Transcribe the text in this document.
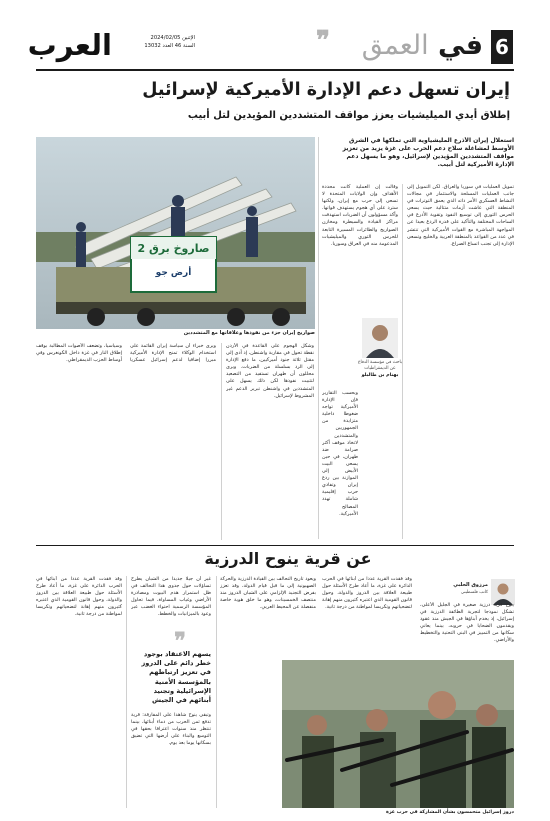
6
في العمق
❞
الإثنين 2024/02/05
السنة 46 العدد 13032
العرب
إيران تسهل دعم الإدارة الأميركية لإسرائيل
إطلاق أيدي الميليشيات يعزز مواقف المتشددين المؤيدين لتل أبيب
استغلال إيران الأذرع المليشياوية التي تملكها في الشرق الأوسط لمشاغلة سلاح دعم الحرب على غزة يزيد من تعزيز مواقف المتشددين المؤيدين لإسرائيل، وهو ما يسهل دعم الإدارة الأميركية لتل أبيب.
صاروخ برق 2
أرض جو
صواريخ إيران جزء من نفوذها وعلاقاتها مع المتشددين
تمويل العمليات في سوريا والعراق. لكن التمويل إلى جانب العمليات المسلحة والاستثمار في مجالات النشاط العسكري الأمر ذاته الذي يعمق التوترات في المنطقة التي عاشت أزمات متتالية حيث يسعى الحرس الثوري إلى توسيع النفوذ وتقوية الأذرع في الساحات المختلفة والتأكيد على قدرة الردع بعيدا عن المواجهة المباشرة مع القوات الأميركية التي تنتشر في عدد من القواعد بالمنطقة العربية والخليج وتسعى الإدارة إلى تجنب اتساع الصراع.
وقالت إن العملية كانت محددة الأهداف وإن الولايات المتحدة لا تسعى إلى حرب مع إيران، ولكنها سترد على أي هجوم يستهدف قواتها. وأكد مسؤولون أن الضربات استهدفت مراكز القيادة والسيطرة ومخازن الصواريخ والطائرات المسيرة التابعة للحرس الثوري والميليشيات المدعومة منه في العراق وسوريا.
باحث في مؤسسة الدفاع عن الديمقراطيات
بهنام بن طالبلو
وبحسب التقارير فإن الإدارة الأميركية تواجه ضغوطا داخلية متزايدة من الجمهوريين والمتشددين لاتخاذ موقف أكثر صرامة ضد طهران، في حين يسعى البيت الأبيض إلى الموازنة بين ردع إيران وتفادي حرب إقليمية شاملة تهدد المصالح الأميركية.
وشكل الهجوم على القاعدة في الأردن نقطة تحول في مقاربة واشنطن، إذ أدى إلى مقتل ثلاثة جنود أميركيين، ما دفع الإدارة إلى الرد بسلسلة من الضربات. ويرى محللون أن طهران تستفيد من التصعيد لتثبيت نفوذها لكن ذلك يسهل على المتشددين في واشنطن تبرير الدعم غير المشروط لإسرائيل.
ويرى خبراء أن سياسة إيران القائمة على استخدام الوكلاء تمنح الإدارة الأميركية مبررا إضافيا لدعم إسرائيل عسكريا وسياسيا، وتضعف الأصوات المطالبة بوقف إطلاق النار في غزة داخل الكونغرس وفي أوساط الحزب الديمقراطي.
عن قرية ينوح الدرزية
مرزوق الحلبي
كاتب فلسطيني
ينوح قرية درزية صغيرة في الجليل الأعلى، تشكل نموذجا لتجربة الطائفة الدرزية في إسرائيل، إذ يخدم أبناؤها في الجيش منذ عقود ويقدمون الضحايا في حروبه، بينما يعاني سكانها من التمييز في البنى التحتية والتخطيط والأراضي.
وقد فقدت القرية عددا من أبنائها في الحرب الدائرة على غزة، ما أعاد طرح الأسئلة حول طبيعة العلاقة بين الدروز والدولة، وحول قانون القومية الذي اعتبره كثيرون منهم إهانة لتضحياتهم وتكريسا لمواطنة من درجة ثانية.
ويعود تاريخ التحالف بين القيادة الدرزية والحركة الصهيونية إلى ما قبل قيام الدولة، وقد تعزز بفرض التجنيد الإلزامي على الشبان الدروز منذ منتصف الخمسينات، وهو ما خلق هوية خاصة منفصلة عن المحيط العربي.
غير أن جيلا جديدا من الشبان يطرح تساؤلات حول جدوى هذا التحالف في ظل استمرار هدم البيوت ومصادرة الأراضي وغياب المساواة، فيما تحاول المؤسسة الرسمية احتواء الغضب عبر وعود بالميزانيات والخطط.
❞
يسهم الاعتقاد بوجود خطر دائم على الدروز في تعزيز ارتباطهم بالمؤسسة الأمنية الإسرائيلية وتجنيد أبنائهم في الجيش
وتبقى ينوح شاهدا على المفارقة: قرية تدفع ثمن الحرب من دماء أبنائها، بينما تنتظر منذ سنوات اعترافا بحقها في التوسع والبناء على أرضها التي تضيق بسكانها يوما بعد يوم.
وقد فقدت القرية عددا من أبنائها في الحرب الدائرة على غزة، ما أعاد طرح الأسئلة حول طبيعة العلاقة بين الدروز والدولة، وحول قانون القومية الذي اعتبره كثيرون منهم إهانة لتضحياتهم وتكريسا لمواطنة من درجة ثانية.
دروز إسرائيل متحمسون بشأن المشاركة في حرب غزة
